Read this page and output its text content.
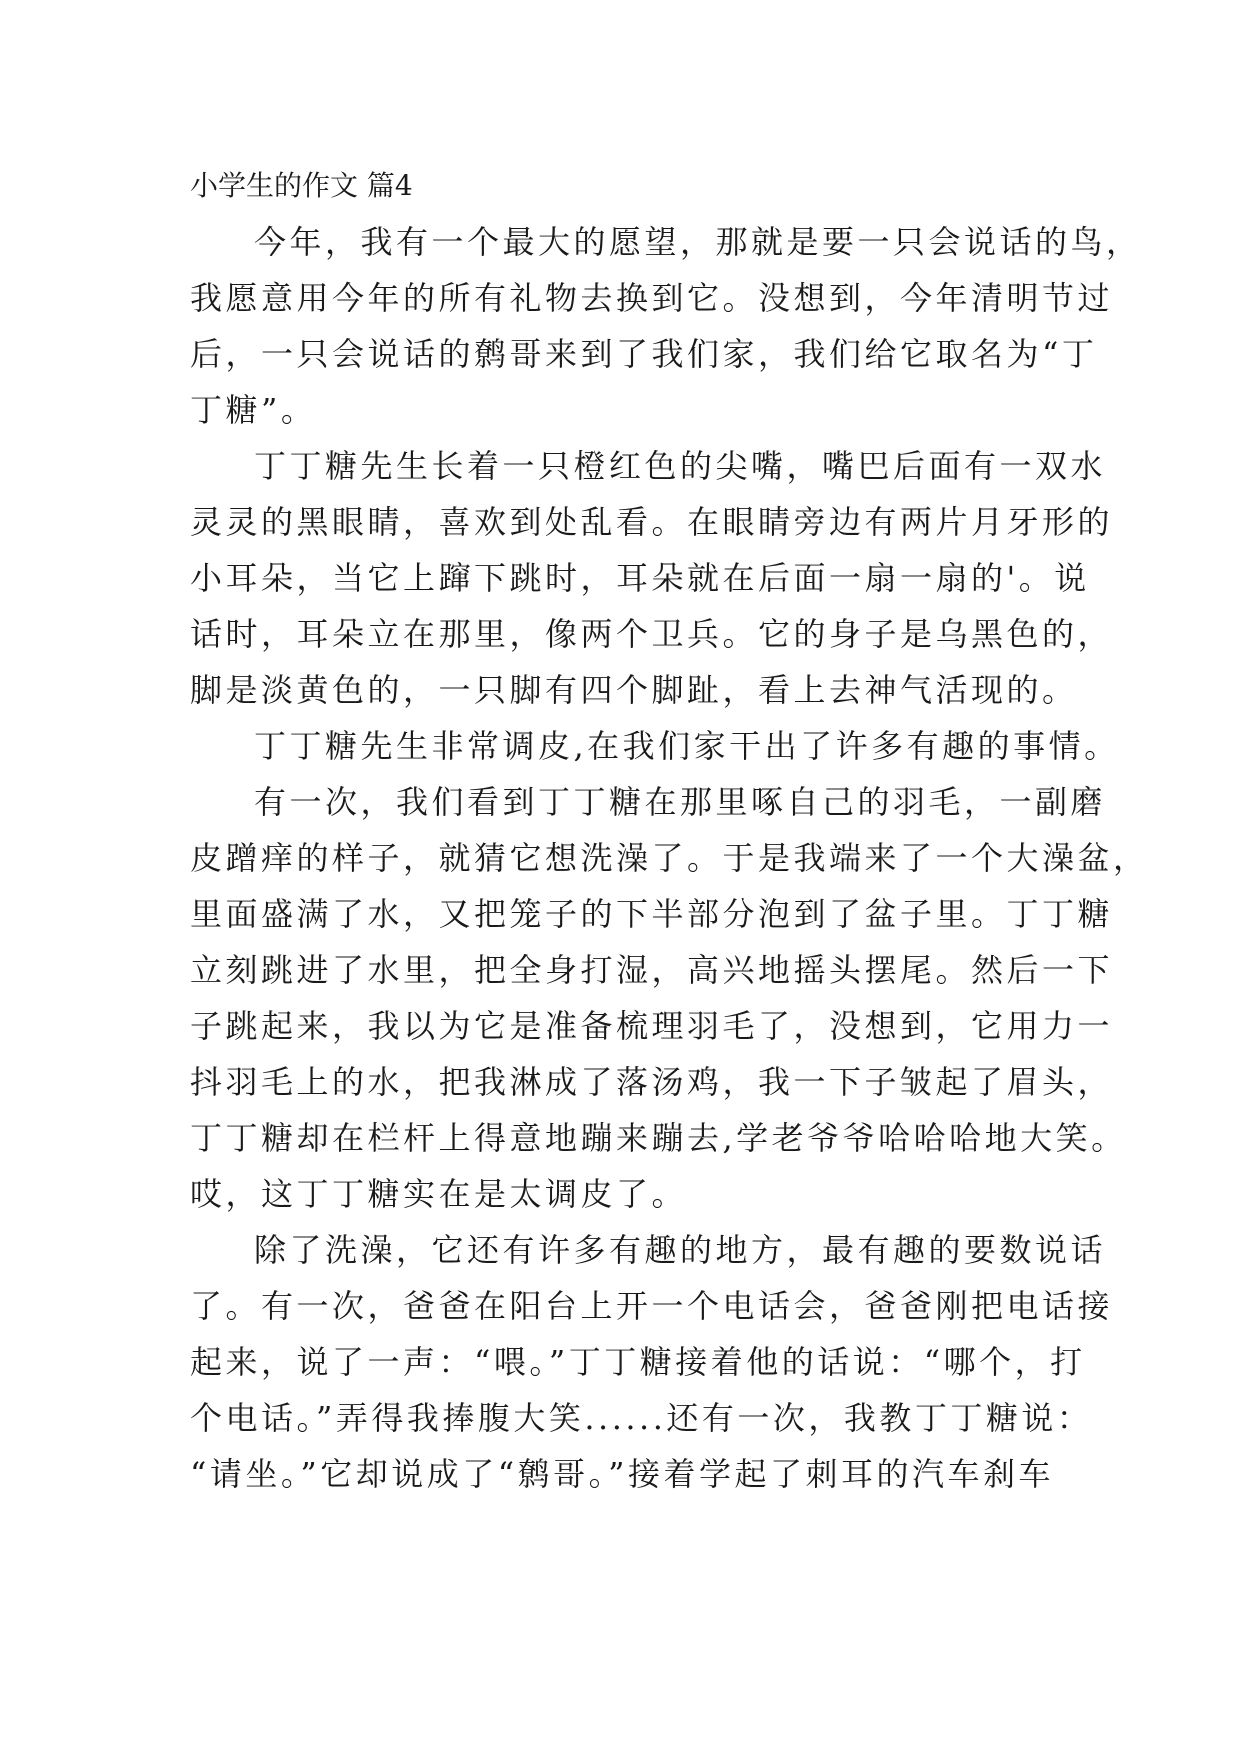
小学生的作文 篇4
今年，我有一个最大的愿望，那就是要一只会说话的鸟，
我愿意用今年的所有礼物去换到它。没想到，今年清明节过
后，一只会说话的鹩哥来到了我们家，我们给它取名为“丁
丁糖”。
丁丁糖先生长着一只橙红色的尖嘴，嘴巴后面有一双水
灵灵的黑眼睛，喜欢到处乱看。在眼睛旁边有两片月牙形的
小耳朵，当它上蹿下跳时，耳朵就在后面一扇一扇的'。说
话时，耳朵立在那里，像两个卫兵。它的身子是乌黑色的，
脚是淡黄色的，一只脚有四个脚趾，看上去神气活现的。
丁丁糖先生非常调皮,在我们家干出了许多有趣的事情。
有一次，我们看到丁丁糖在那里啄自己的羽毛，一副磨
皮蹭痒的样子，就猜它想洗澡了。于是我端来了一个大澡盆，
里面盛满了水，又把笼子的下半部分泡到了盆子里。丁丁糖
立刻跳进了水里，把全身打湿，高兴地摇头摆尾。然后一下
子跳起来，我以为它是准备梳理羽毛了，没想到，它用力一
抖羽毛上的水，把我淋成了落汤鸡，我一下子皱起了眉头，
丁丁糖却在栏杆上得意地蹦来蹦去,学老爷爷哈哈哈地大笑。
哎，这丁丁糖实在是太调皮了。
除了洗澡，它还有许多有趣的地方，最有趣的要数说话
了。有一次，爸爸在阳台上开一个电话会，爸爸刚把电话接
起来，说了一声：“喂。”丁丁糖接着他的话说：“哪个，打
个电话。”弄得我捧腹大笑......还有一次，我教丁丁糖说：
“请坐。”它却说成了“鹩哥。”接着学起了刺耳的汽车刹车
